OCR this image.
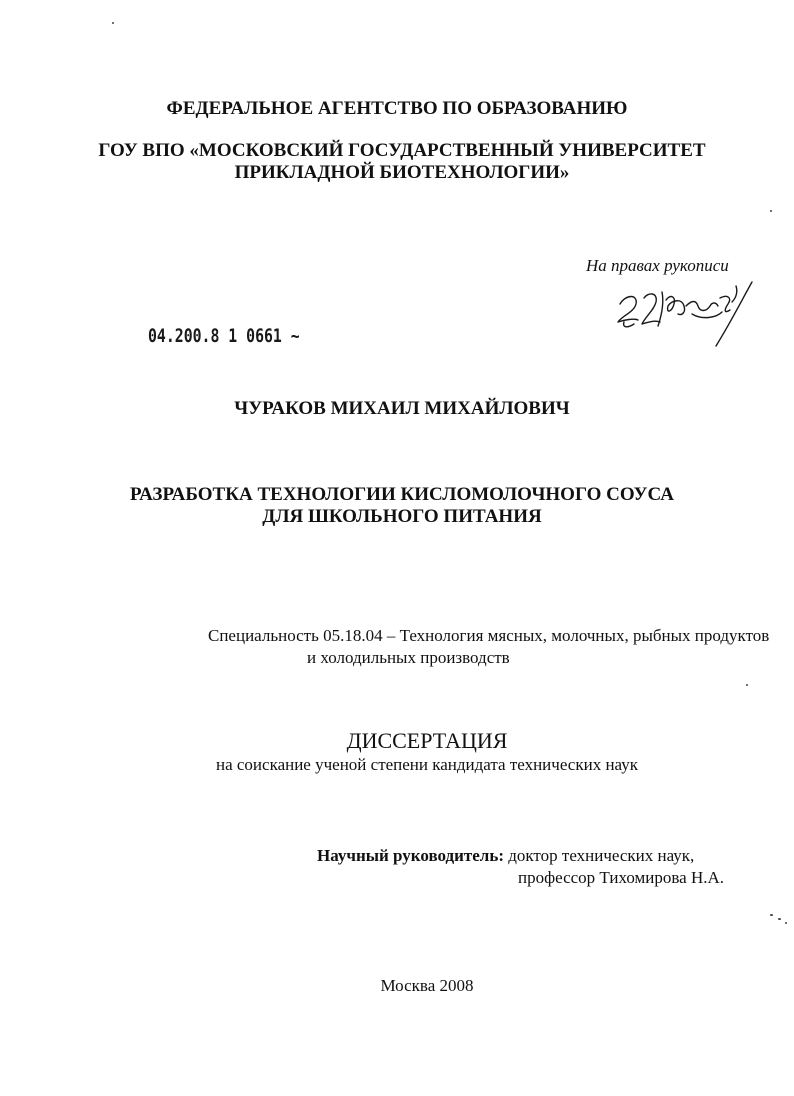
ФЕДЕРАЛЬНОЕ АГЕНТСТВО ПО ОБРАЗОВАНИЮ
ГОУ ВПО «МОСКОВСКИЙ ГОСУДАРСТВЕННЫЙ УНИВЕРСИТЕТ
ПРИКЛАДНОЙ БИОТЕХНОЛОГИИ»
На правах рукописи
04.200.8 1 0661 ~
ЧУРАКОВ МИХАИЛ МИХАЙЛОВИЧ
РАЗРАБОТКА ТЕХНОЛОГИИ КИСЛОМОЛОЧНОГО СОУСА
ДЛЯ ШКОЛЬНОГО ПИТАНИЯ
Специальность 05.18.04 – Технология мясных, молочных, рыбных продуктов
и холодильных производств
ДИССЕРТАЦИЯ
на соискание ученой степени кандидата технических наук
Научный руководитель: доктор технических наук,
профессор Тихомирова Н.А.
Москва 2008
